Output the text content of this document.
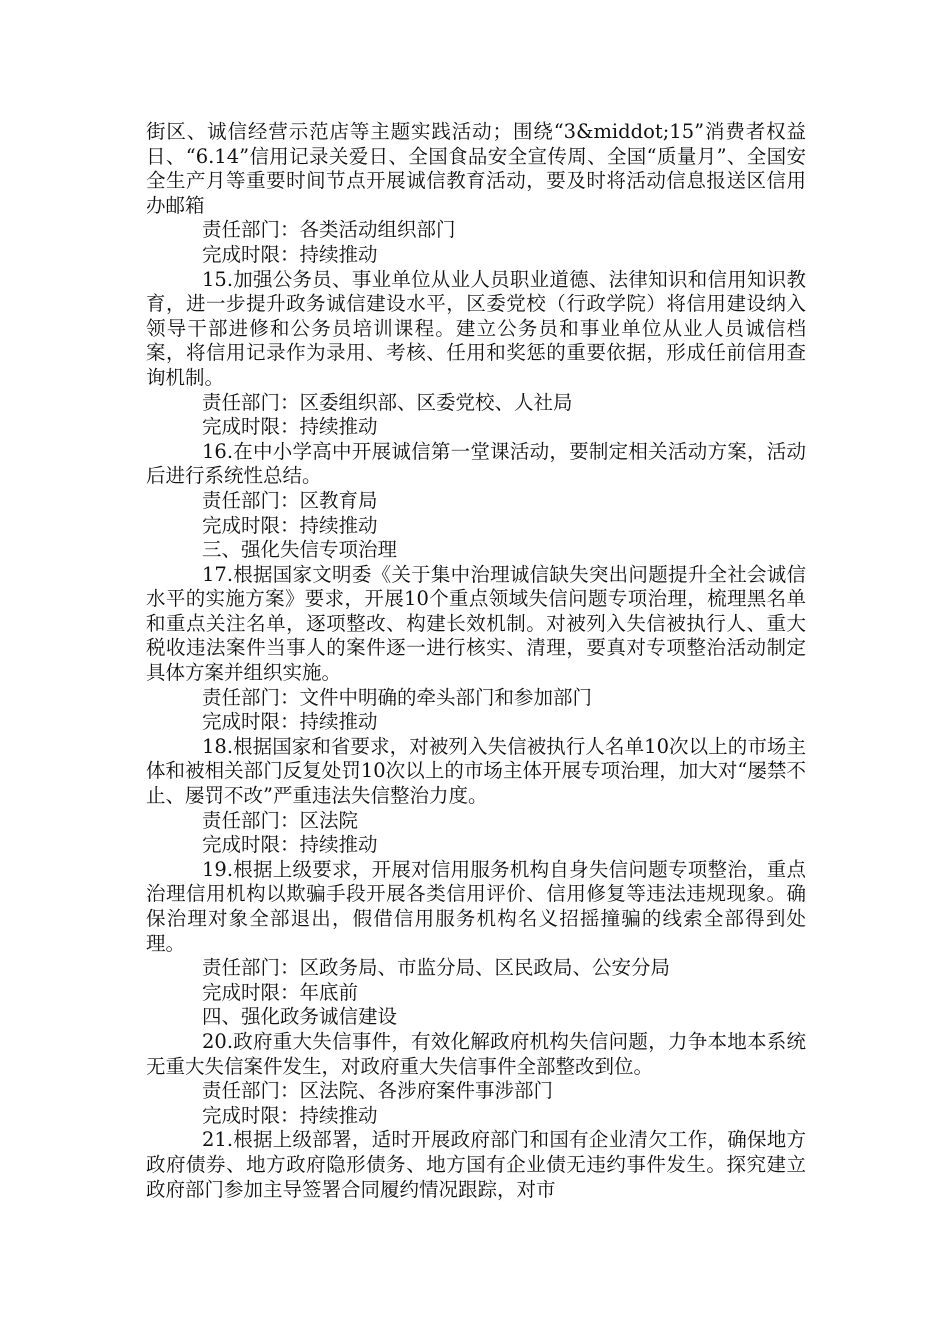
街区、诚信经营示范店等主题实践活动；围绕“3&middot;15”消费者权益日、“6.14”信用记录关爱日、全国食品安全宣传周、全国“质量月”、全国安全生产月等重要时间节点开展诚信教育活动，要及时将活动信息报送区信用办邮箱

责任部门：各类活动组织部门

完成时限：持续推动

15.加强公务员、事业单位从业人员职业道德、法律知识和信用知识教育，进一步提升政务诚信建设水平，区委党校（行政学院）将信用建设纳入领导干部进修和公务员培训课程。建立公务员和事业单位从业人员诚信档案，将信用记录作为录用、考核、任用和奖惩的重要依据，形成任前信用查询机制。

责任部门：区委组织部、区委党校、人社局

完成时限：持续推动

16.在中小学高中开展诚信第一堂课活动，要制定相关活动方案，活动后进行系统性总结。

责任部门：区教育局

完成时限：持续推动

三、强化失信专项治理

17.根据国家文明委《关于集中治理诚信缺失突出问题提升全社会诚信水平的实施方案》要求，开展10个重点领域失信问题专项治理，梳理黑名单和重点关注名单，逐项整改、构建长效机制。对被列入失信被执行人、重大税收违法案件当事人的案件逐一进行核实、清理，要真对专项整治活动制定具体方案并组织实施。

责任部门：文件中明确的牵头部门和参加部门

完成时限：持续推动

18.根据国家和省要求，对被列入失信被执行人名单10次以上的市场主体和被相关部门反复处罚10次以上的市场主体开展专项治理，加大对“屡禁不止、屡罚不改”严重违法失信整治力度。

责任部门：区法院

完成时限：持续推动

19.根据上级要求，开展对信用服务机构自身失信问题专项整治，重点治理信用机构以欺骗手段开展各类信用评价、信用修复等违法违规现象。确保治理对象全部退出，假借信用服务机构名义招摇撞骗的线索全部得到处理。

责任部门：区政务局、市监分局、区民政局、公安分局

完成时限：年底前

四、强化政务诚信建设

20.政府重大失信事件，有效化解政府机构失信问题，力争本地本系统无重大失信案件发生，对政府重大失信事件全部整改到位。

责任部门：区法院、各涉府案件事涉部门

完成时限：持续推动

21.根据上级部署，适时开展政府部门和国有企业清欠工作，确保地方政府债券、地方政府隐形债务、地方国有企业债无违约事件发生。探究建立政府部门参加主导签署合同履约情况跟踪，对市
